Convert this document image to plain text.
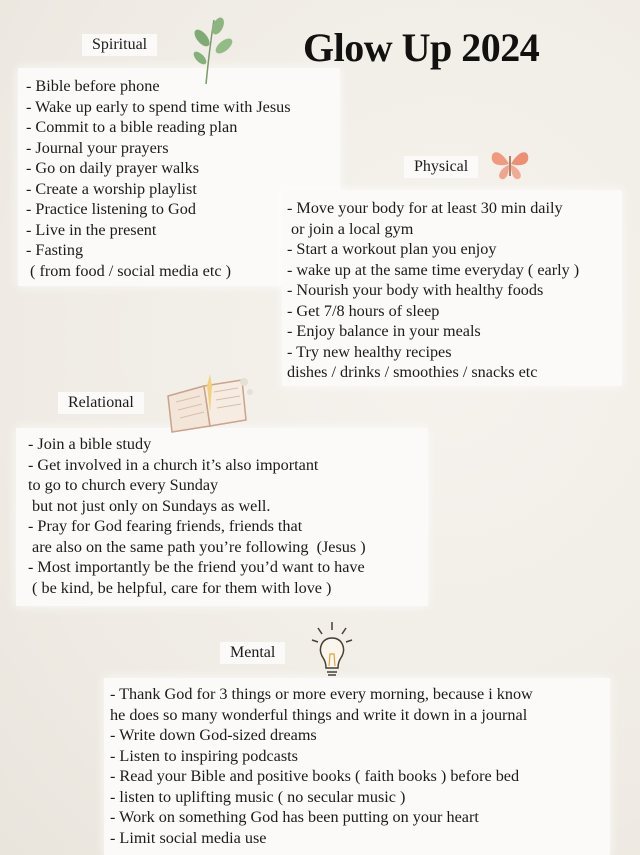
Glow Up 2024
Spiritual
- Bible before phone
- Wake up early to spend time with Jesus
- Commit to a bible reading plan
- Journal your prayers
- Go on daily prayer walks
- Create a worship playlist
- Practice listening to God
- Live in the present
- Fasting
( from food / social media etc )
Physical
- Move your body for at least 30 min daily
or join a local gym
- Start a workout plan you enjoy
- wake up at the same time everyday ( early )
- Nourish your body with healthy foods
- Get 7/8 hours of sleep
- Enjoy balance in your meals
- Try new healthy recipes
dishes / drinks / smoothies / snacks etc
Relational
- Join a bible study
- Get involved in a church it’s also important
to go to church every Sunday
but not just only on Sundays as well.
- Pray for God fearing friends, friends that
are also on the same path you’re following  (Jesus )
- Most importantly be the friend you’d want to have
( be kind, be helpful, care for them with love )
Mental
- Thank God for 3 things or more every morning, because i know
he does so many wonderful things and write it down in a journal
- Write down God-sized dreams
- Listen to inspiring podcasts
- Read your Bible and positive books ( faith books ) before bed
- listen to uplifting music ( no secular music )
- Work on something God has been putting on your heart
- Limit social media use
